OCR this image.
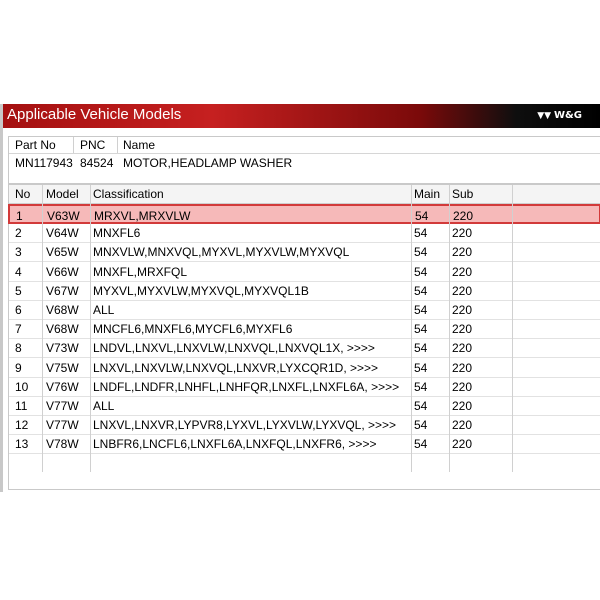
Applicable Vehicle Models	▼▼ W&G
Part No PNC Name
MN117943 84524 MOTOR,HEADLAMP WASHER
No	Model	Classification	Main Sub
1	V63W	MRXVL,MRXVLW	54	220
2	V64W	MNXFL6	54	220
3	V65W	MNXVLW,MNXVQL,MYXVL,MYXVLW,MYXVQL	54	220
4	V66W	MNXFL,MRXFQL	54	220
5	V67W	MYXVL,MYXVLW,MYXVQL,MYXVQL1B	54	220
6	V68W	ALL	54	220
7	V68W	MNCFL6,MNXFL6,MYCFL6,MYXFL6	54	220
8	V73W	LNDVL,LNXVL,LNXVLW,LNXVQL,LNXVQL1X, >>>>	54	220
9	V75W	LNXVL,LNXVLW,LNXVQL,LNXVR,LYXCQR1D, >>>>	54	220
10	V76W	LNDFL,LNDFR,LNHFL,LNHFQR,LNXFL,LNXFL6A, >>>>	54	220
11	V77W	ALL	54	220
12	V77W	LNXVL,LNXVR,LYPVR8,LYXVL,LYXVLW,LYXVQL, >>>>	54	220
13	V78W	LNBFR6,LNCFL6,LNXFL6A,LNXFQL,LNXFR6, >>>>	54	220
